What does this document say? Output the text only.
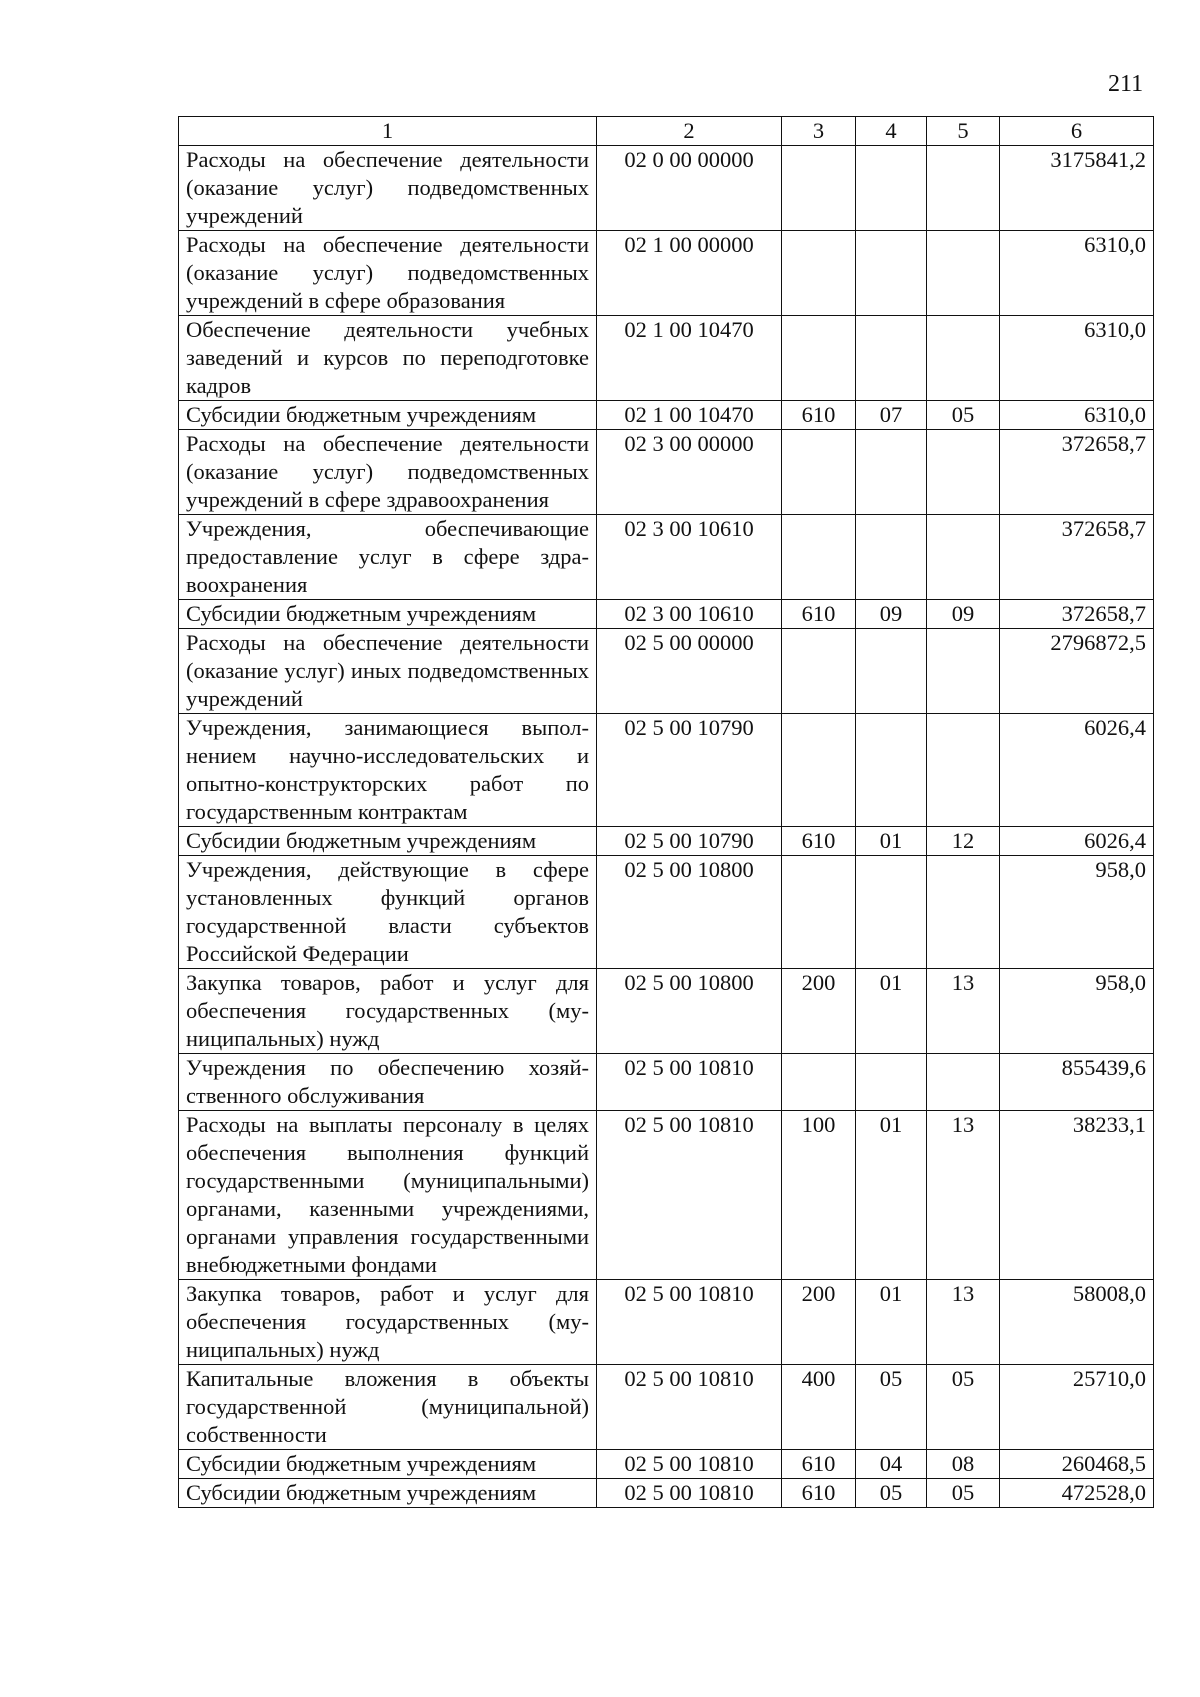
211
1	2	3	4	5	6
Расходы на обеспечение деятельности (оказание услуг) подведомственных учреждений	02 0 00 00000				3175841,2
Расходы на обеспечение деятельности (оказание услуг) подведомственных учреждений в сфере образования	02 1 00 00000				6310,0
Обеспечение деятельности учебных заведений и курсов по переподготовке кадров	02 1 00 10470				6310,0
Субсидии бюджетным учреждениям	02 1 00 10470	610	07	05	6310,0
Расходы на обеспечение деятельности (оказание услуг) подведомственных учреждений в сфере здравоохранения	02 3 00 00000				372658,7
Учреждения, обеспечивающие предоставление услуг в сфере здравоохранения	02 3 00 10610				372658,7
Субсидии бюджетным учреждениям	02 3 00 10610	610	09	09	372658,7
Расходы на обеспечение деятельности (оказание услуг) иных подведомственных учреждений	02 5 00 00000				2796872,5
Учреждения, занимающиеся выполнением научно-исследовательских и опытно-конструкторских работ по государственным контрактам	02 5 00 10790				6026,4
Субсидии бюджетным учреждениям	02 5 00 10790	610	01	12	6026,4
Учреждения, действующие в сфере установленных функций органов государственной власти субъектов Российской Федерации	02 5 00 10800				958,0
Закупка товаров, работ и услуг для обеспечения государственных (муниципальных) нужд	02 5 00 10800	200	01	13	958,0
Учреждения по обеспечению хозяйственного обслуживания	02 5 00 10810				855439,6
Расходы на выплаты персоналу в целях обеспечения выполнения функций государственными (муниципальными) органами, казенными учреждениями, органами управления государственными внебюджетными фондами	02 5 00 10810	100	01	13	38233,1
Закупка товаров, работ и услуг для обеспечения государственных (муниципальных) нужд	02 5 00 10810	200	01	13	58008,0
Капитальные вложения в объекты государственной (муниципальной) собственности	02 5 00 10810	400	05	05	25710,0
Субсидии бюджетным учреждениям	02 5 00 10810	610	04	08	260468,5
Субсидии бюджетным учреждениям	02 5 00 10810	610	05	05	472528,0
